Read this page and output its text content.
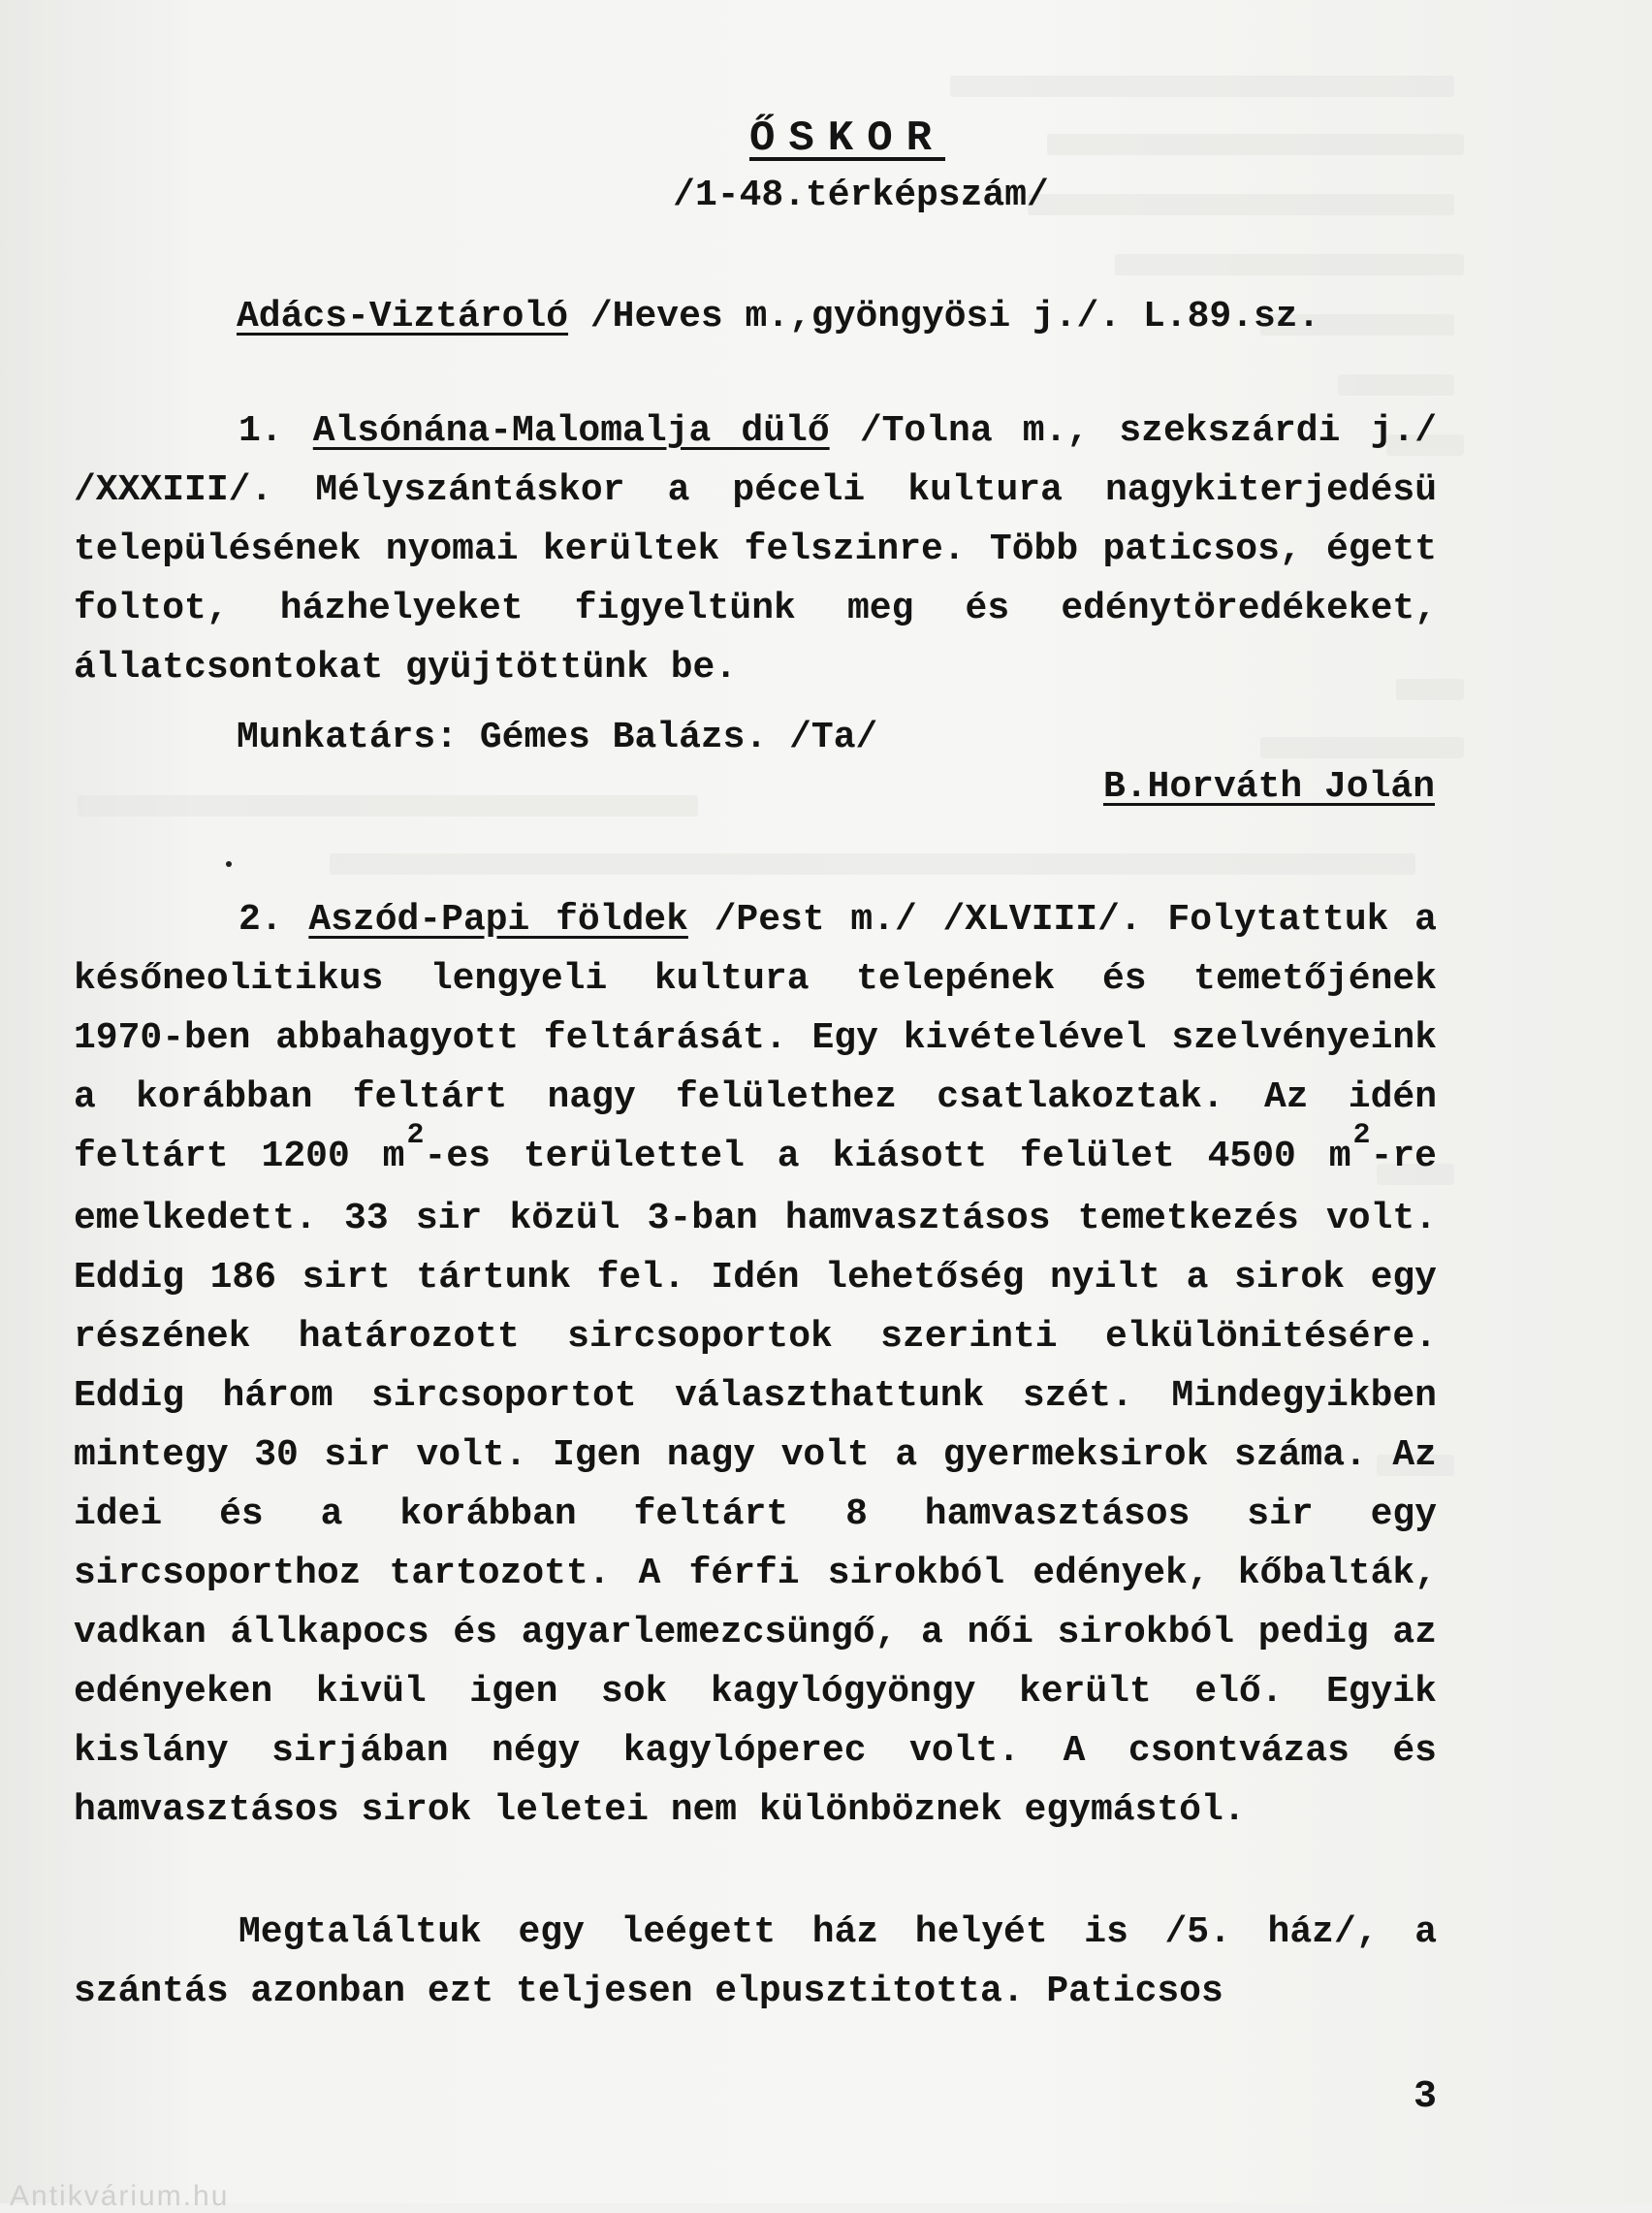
ŐSKOR
/1-48.térképszám/
Adács-Viztároló /Heves m.,gyöngyösi j./. L.89.sz.
1. Alsónána-Malomalja dülő /Tolna m., szekszárdi j./ /XXXIII/. Mélyszántáskor a péceli kultura nagykiterjedésü településének nyomai kerültek felszinre. Több paticsos, égett foltot, házhelyeket figyeltünk meg és edénytöredékeket, állatcsontokat gyüjtöttünk be.
Munkatárs: Gémes Balázs. /Ta/
B.Horváth Jolán
2. Aszód-Papi földek /Pest m./ /XLVIII/. Folytattuk a későneolitikus lengyeli kultura telepének és temetőjének 1970-ben abbahagyott feltárását. Egy kivételével szelvényeink a korábban feltárt nagy felülethez csatlakoztak. Az idén feltárt 1200 $m^2-es$ területtel a kiásott felület 4500 $m^2-re$ emelkedett. 33 sir közül 3-ban hamvasztásos temetkezés volt. Eddig 186 sirt tártunk fel. Idén lehetőség nyilt a sirok egy részének határozott sircsoportok szerinti elkülönitésére. Eddig három sircsoportot választhattunk szét. Mindegyikben mintegy 30 sir volt. Igen nagy volt a gyermeksirok száma. Az idei és a korábban feltárt 8 hamvasztásos sir egy sircsoporthoz tartozott. A férfi sirokból edények, kőbalták, vadkan állkapocs és agyarlemezcsüngő, a női sirokból pedig az edényeken kivül igen sok kagylógyöngy került elő. Egyik kislány sirjában négy kagylóperec volt. A csontvázas és hamvasztásos sirok leletei nem különböznek egymástól.
Megtaláltuk egy leégett ház helyét is /5. ház/, a szántás azonban ezt teljesen elpusztitotta. Paticsos
3
Antikvárium.hu
